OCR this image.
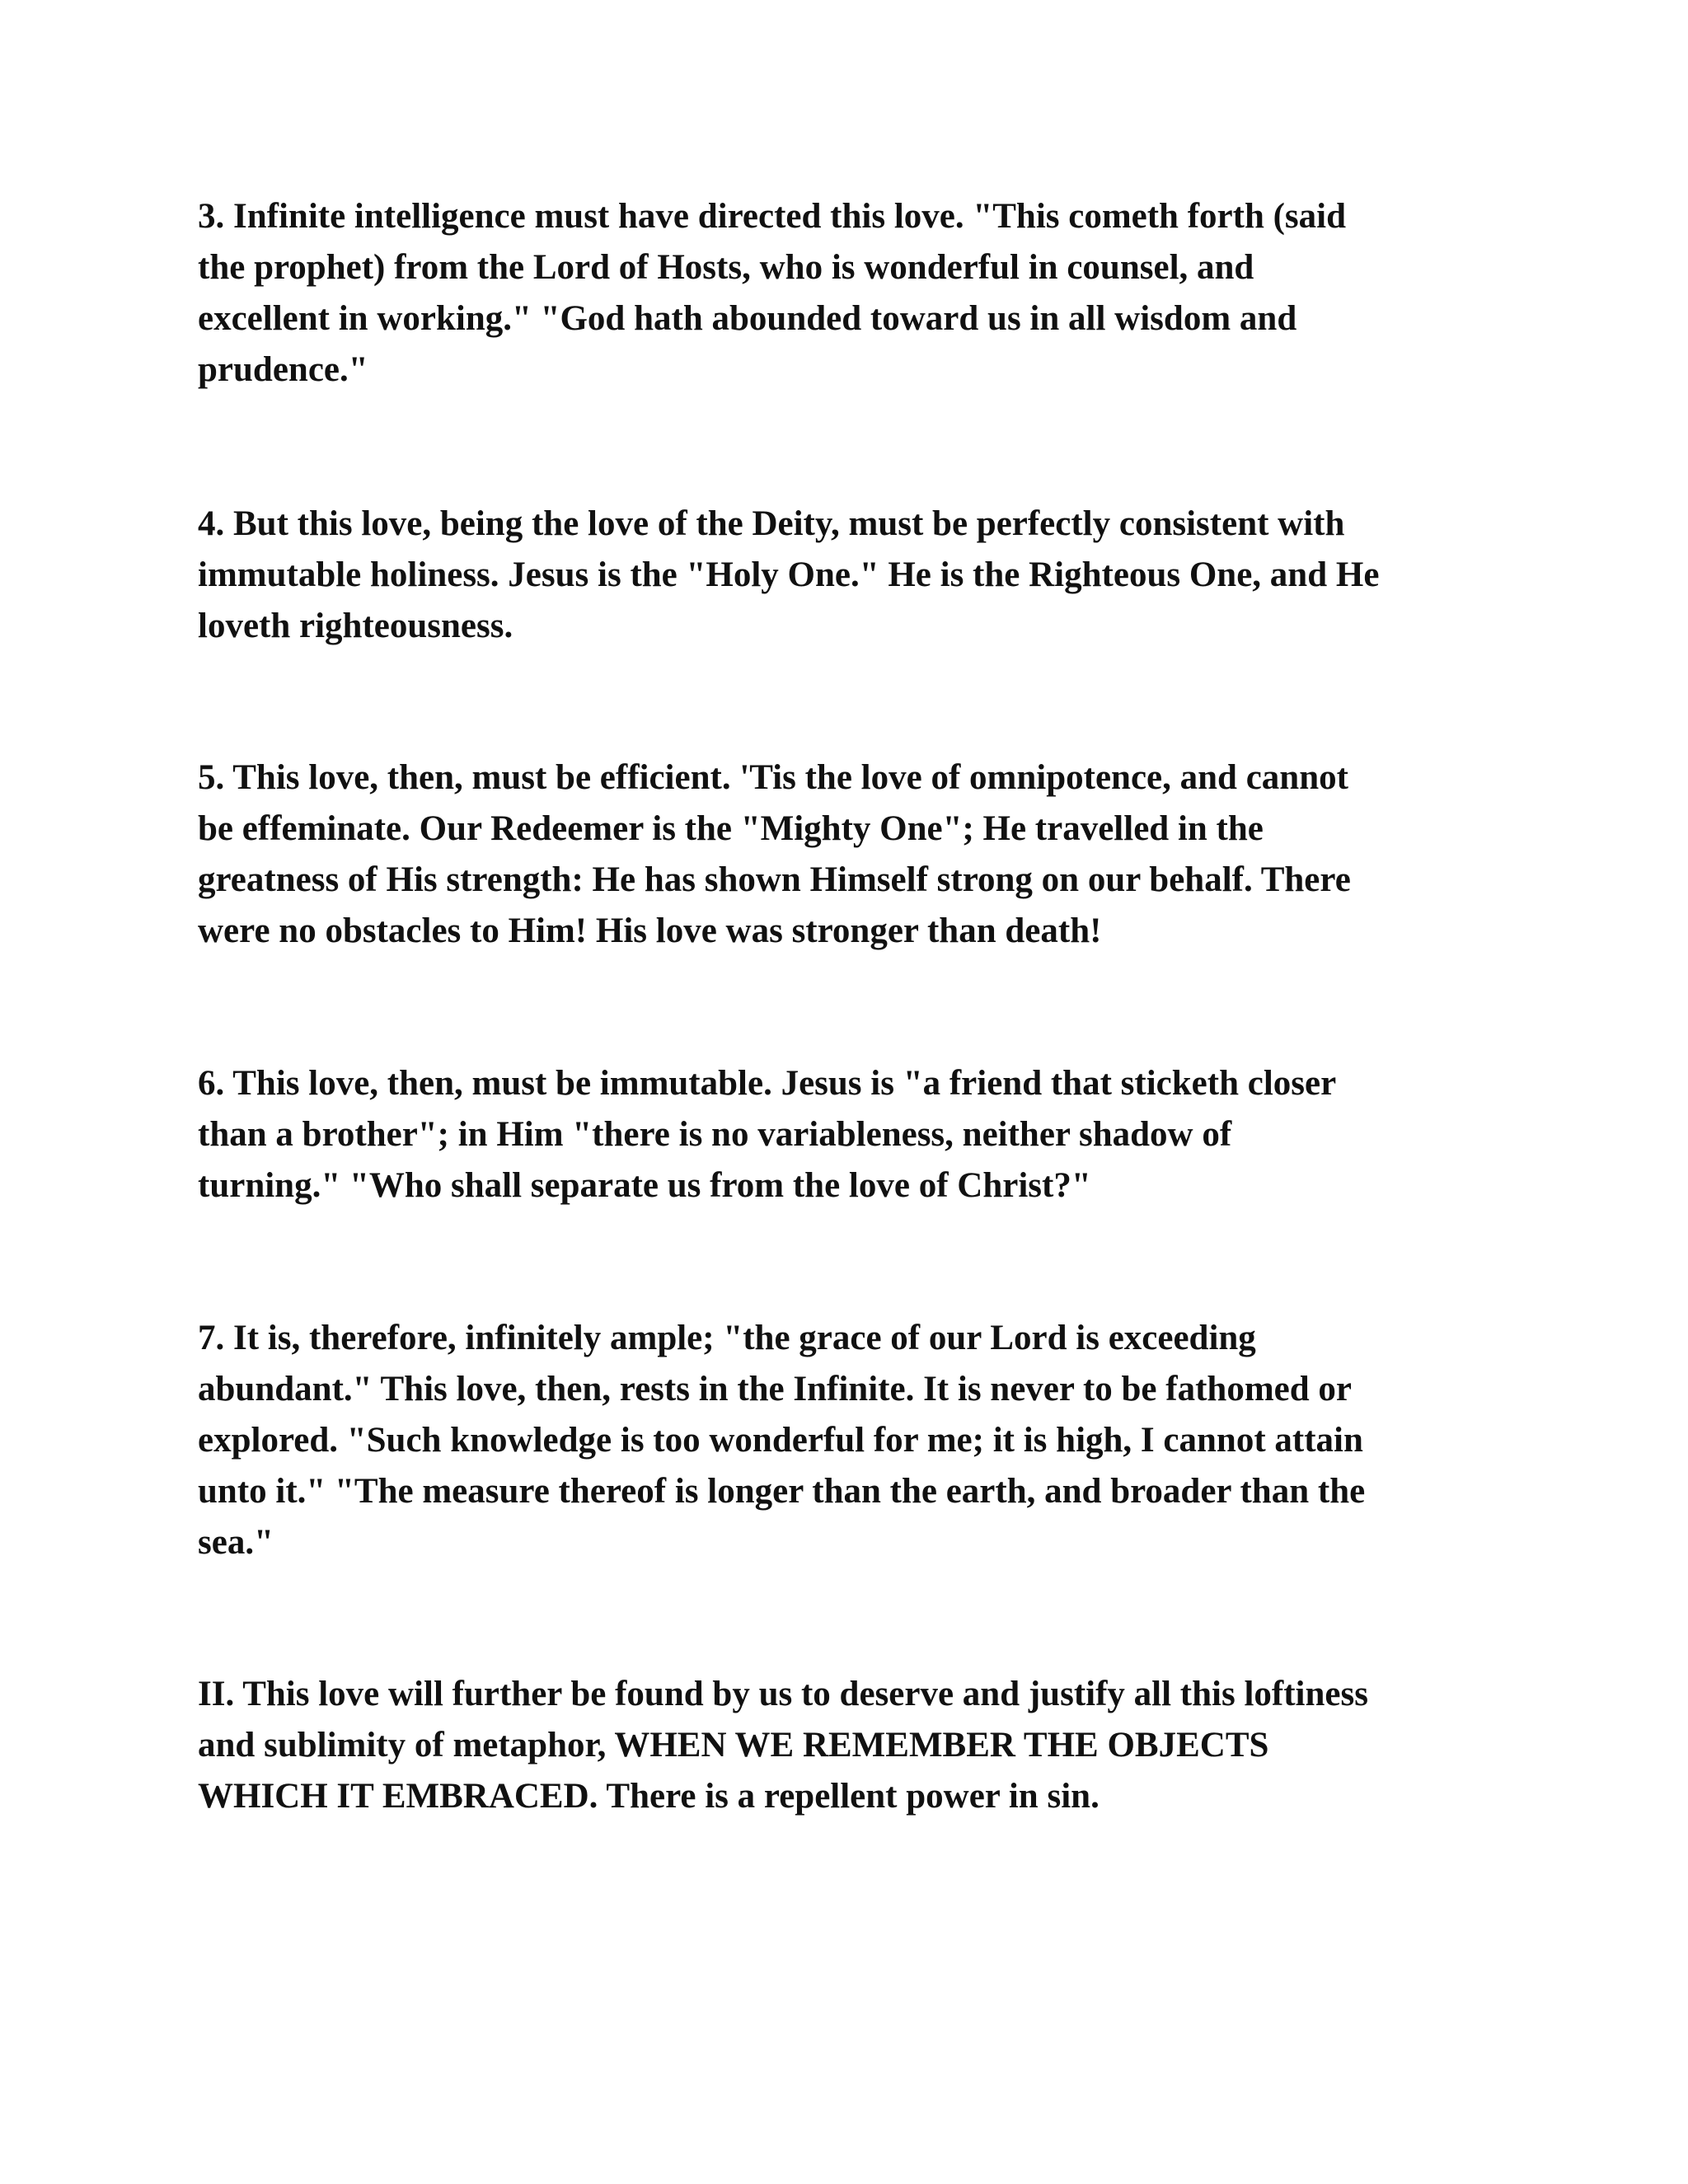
3. Infinite intelligence must have directed this love. "This cometh forth (said
the prophet) from the Lord of Hosts, who is wonderful in counsel, and
excellent in working." "God hath abounded toward us in all wisdom and
prudence."

4. But this love, being the love of the Deity, must be perfectly consistent with
immutable holiness. Jesus is the "Holy One." He is the Righteous One, and He
loveth righteousness.

5. This love, then, must be efficient. 'Tis the love of omnipotence, and cannot
be effeminate. Our Redeemer is the "Mighty One"; He travelled in the
greatness of His strength: He has shown Himself strong on our behalf. There
were no obstacles to Him! His love was stronger than death!

6. This love, then, must be immutable. Jesus is "a friend that sticketh closer
than a brother"; in Him "there is no variableness, neither shadow of
turning." "Who shall separate us from the love of Christ?"

7. It is, therefore, infinitely ample; "the grace of our Lord is exceeding
abundant." This love, then, rests in the Infinite. It is never to be fathomed or
explored. "Such knowledge is too wonderful for me; it is high, I cannot attain
unto it." "The measure thereof is longer than the earth, and broader than the
sea."

II. This love will further be found by us to deserve and justify all this loftiness
and sublimity of metaphor, WHEN WE REMEMBER THE OBJECTS
WHICH IT EMBRACED. There is a repellent power in sin.
